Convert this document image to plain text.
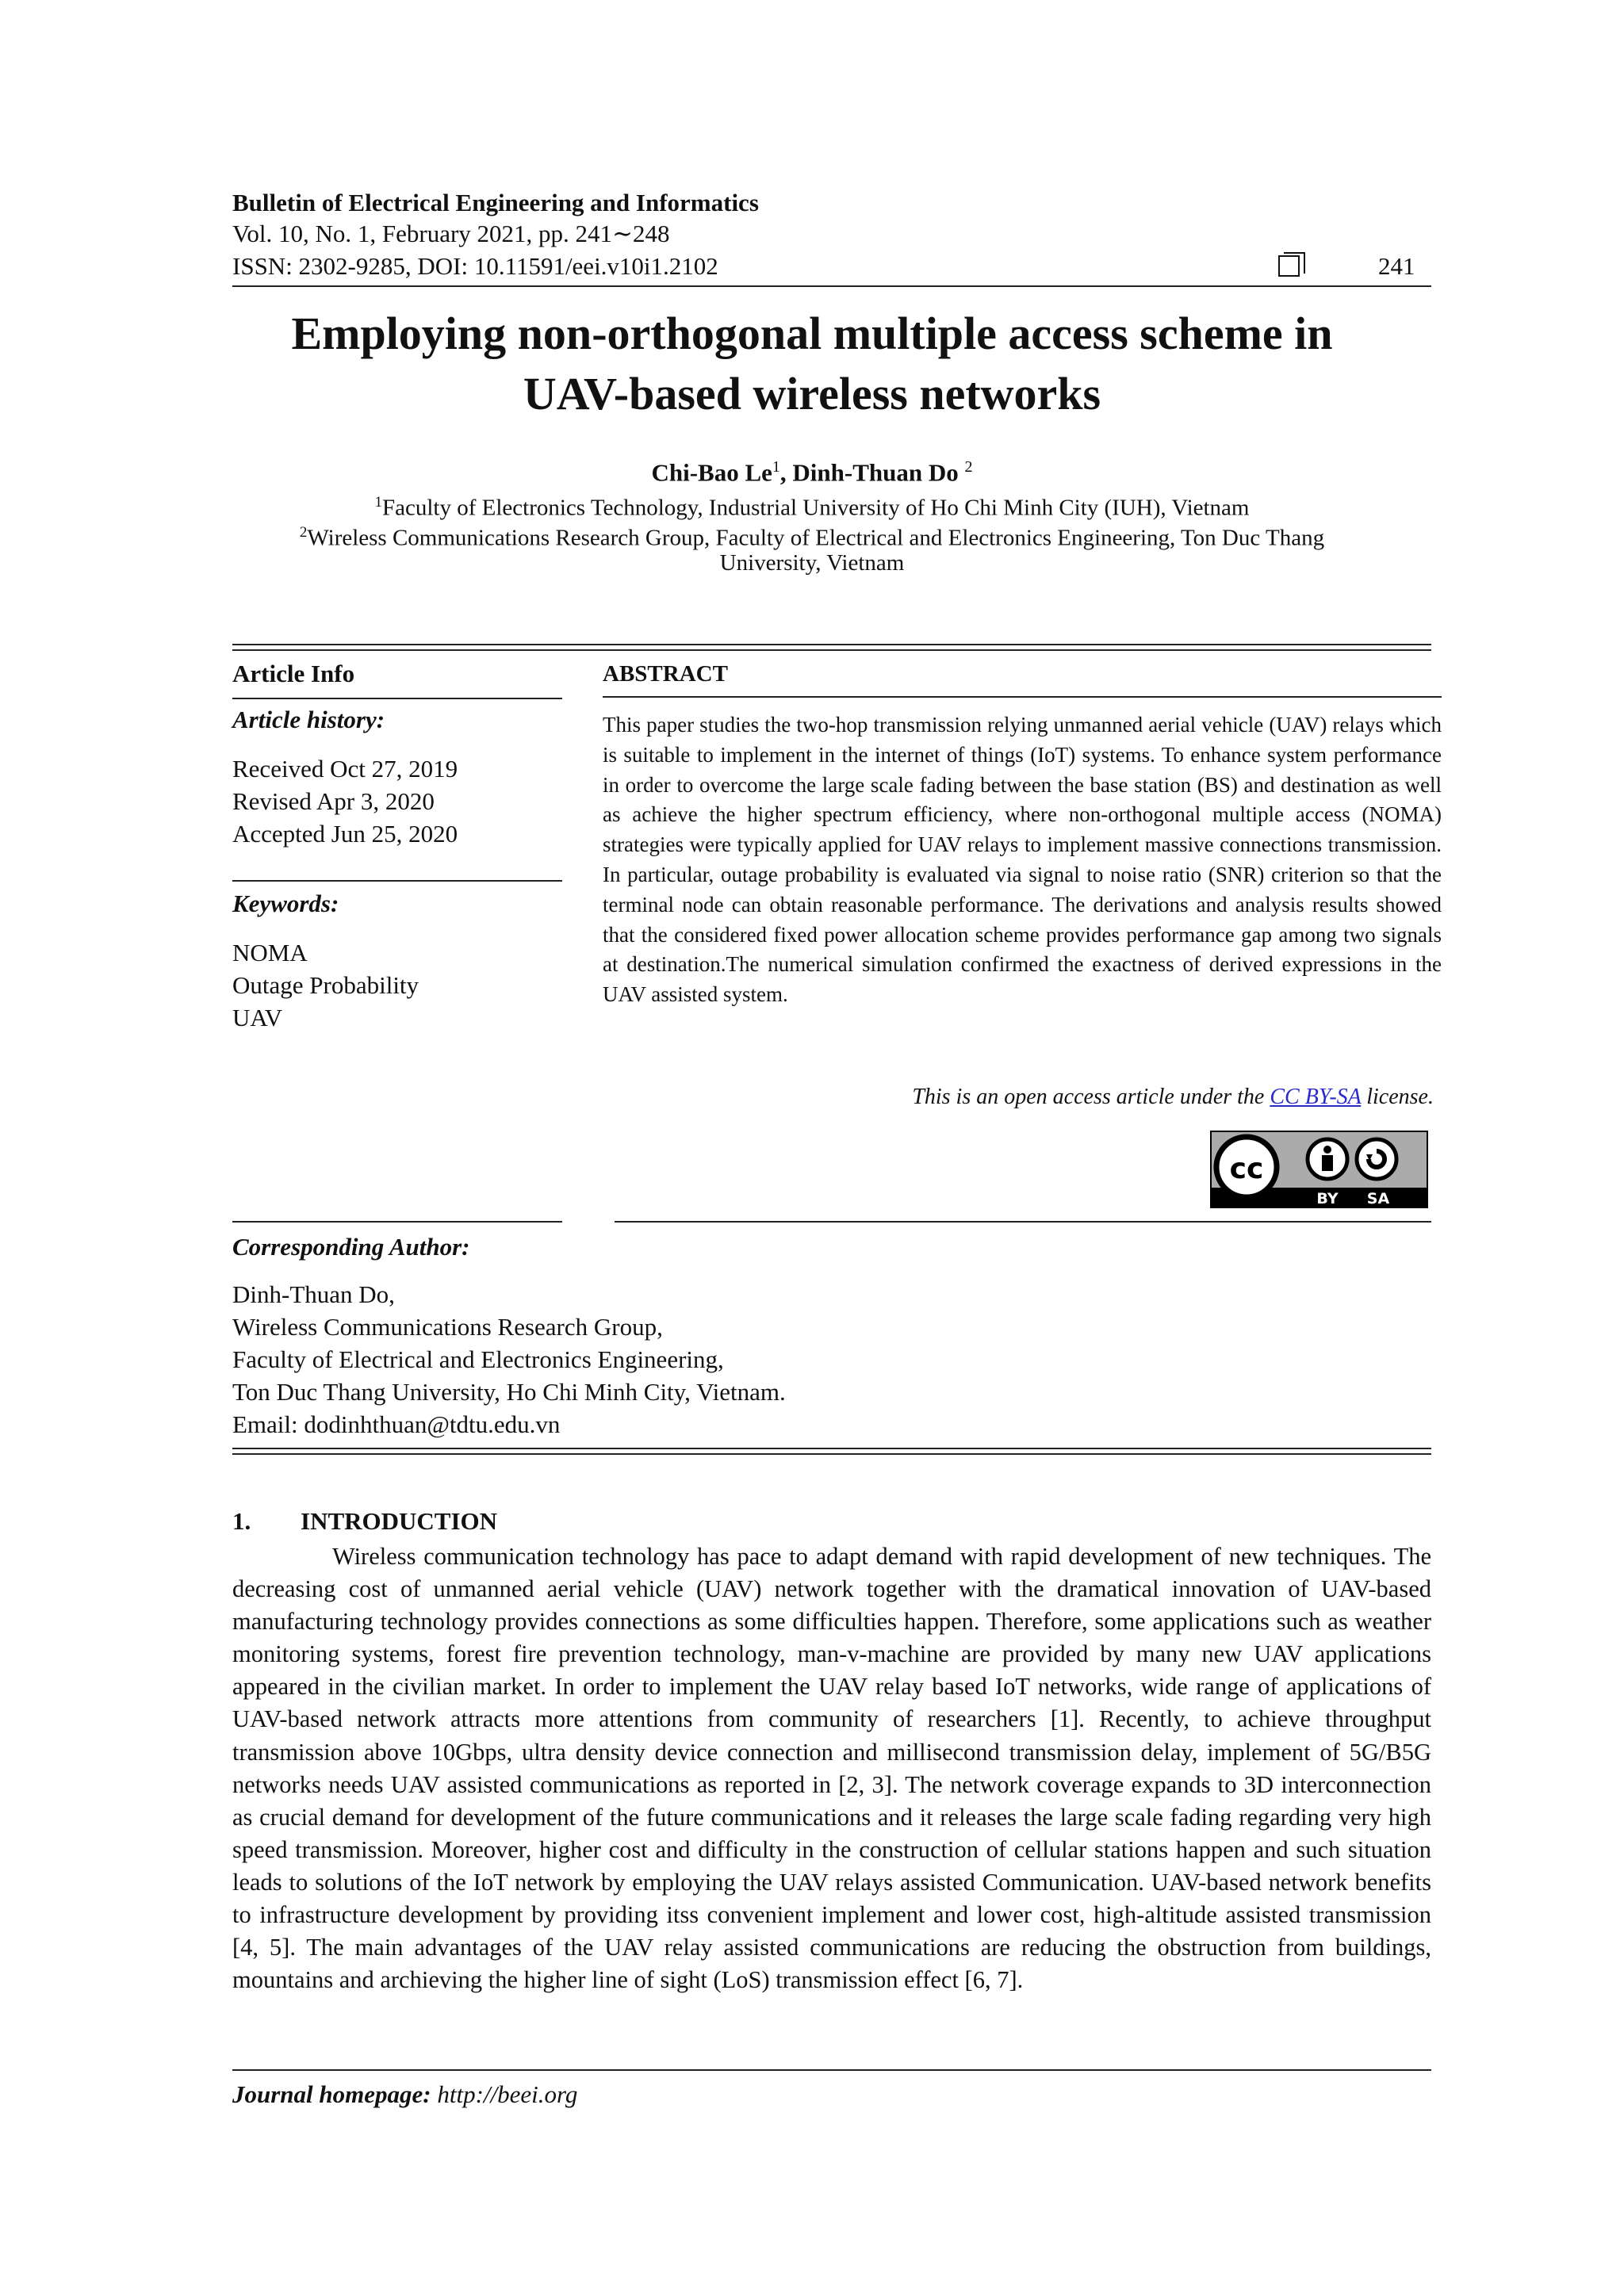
Bulletin of Electrical Engineering and Informatics
Vol. 10, No. 1, February 2021, pp. 241∼248
ISSN: 2302-9285, DOI: 10.11591/eei.v10i1.2102	241
Employing non-orthogonal multiple access scheme in
UAV-based wireless networks
Chi-Bao Le$^1$, Dinh-Thuan Do $^2$
$^1$Faculty of Electronics Technology, Industrial University of Ho Chi Minh City (IUH), Vietnam
$^2$Wireless Communications Research Group, Faculty of Electrical and Electronics Engineering, Ton Duc Thang
University, Vietnam
Article Info
Article history:
Received Oct 27, 2019
Revised Apr 3, 2020
Accepted Jun 25, 2020
Keywords:
NOMA
Outage Probability
UAV
ABSTRACT
This paper studies the two-hop transmission relying unmanned aerial vehicle (UAV) relays which is suitable to implement in the internet of things (IoT) systems. To enhance system performance in order to overcome the large scale fading between the base station (BS) and destination as well as achieve the higher spectrum efficiency, where non-orthogonal multiple access (NOMA) strategies were typically applied for UAV relays to implement massive connections transmission. In particular, outage probability is evaluated via signal to noise ratio (SNR) criterion so that the terminal node can obtain reasonable performance. The derivations and analysis results showed that the considered fixed power allocation scheme provides performance gap among two signals at destination.The numerical simulation confirmed the exactness of derived expressions in the UAV assisted system.
This is an open access article under the CC BY-SA license.
cc
BY SA
Corresponding Author:
Dinh-Thuan Do,
Wireless Communications Research Group,
Faculty of Electrical and Electronics Engineering,
Ton Duc Thang University, Ho Chi Minh City, Vietnam.
Email: dodinhthuan@tdtu.edu.vn
1. INTRODUCTION
Wireless communication technology has pace to adapt demand with rapid development of new techniques. The decreasing cost of unmanned aerial vehicle (UAV) network together with the dramatical innovation of UAV-based manufacturing technology provides connections as some difficulties happen. Therefore, some applications such as weather monitoring systems, forest fire prevention technology, man-v-machine are provided by many new UAV applications appeared in the civilian market. In order to implement the UAV relay based IoT networks, wide range of applications of UAV-based network attracts more attentions from community of researchers [1]. Recently, to achieve throughput transmission above 10Gbps, ultra density device connection and millisecond transmission delay, implement of 5G/B5G networks needs UAV assisted communications as reported in [2, 3]. The network coverage expands to 3D interconnection as crucial demand for development of the future communications and it releases the large scale fading regarding very high speed transmission. Moreover, higher cost and difficulty in the construction of cellular stations happen and such situation leads to solutions of the IoT network by employing the UAV relays assisted Communication. UAV-based network benefits to infrastructure development by providing itss convenient implement and lower cost, high-altitude assisted transmission [4, 5]. The main advantages of the UAV relay assisted communications are reducing the obstruction from buildings, mountains and archieving the higher line of sight (LoS) transmission effect [6, 7].
Journal homepage: http://beei.org
